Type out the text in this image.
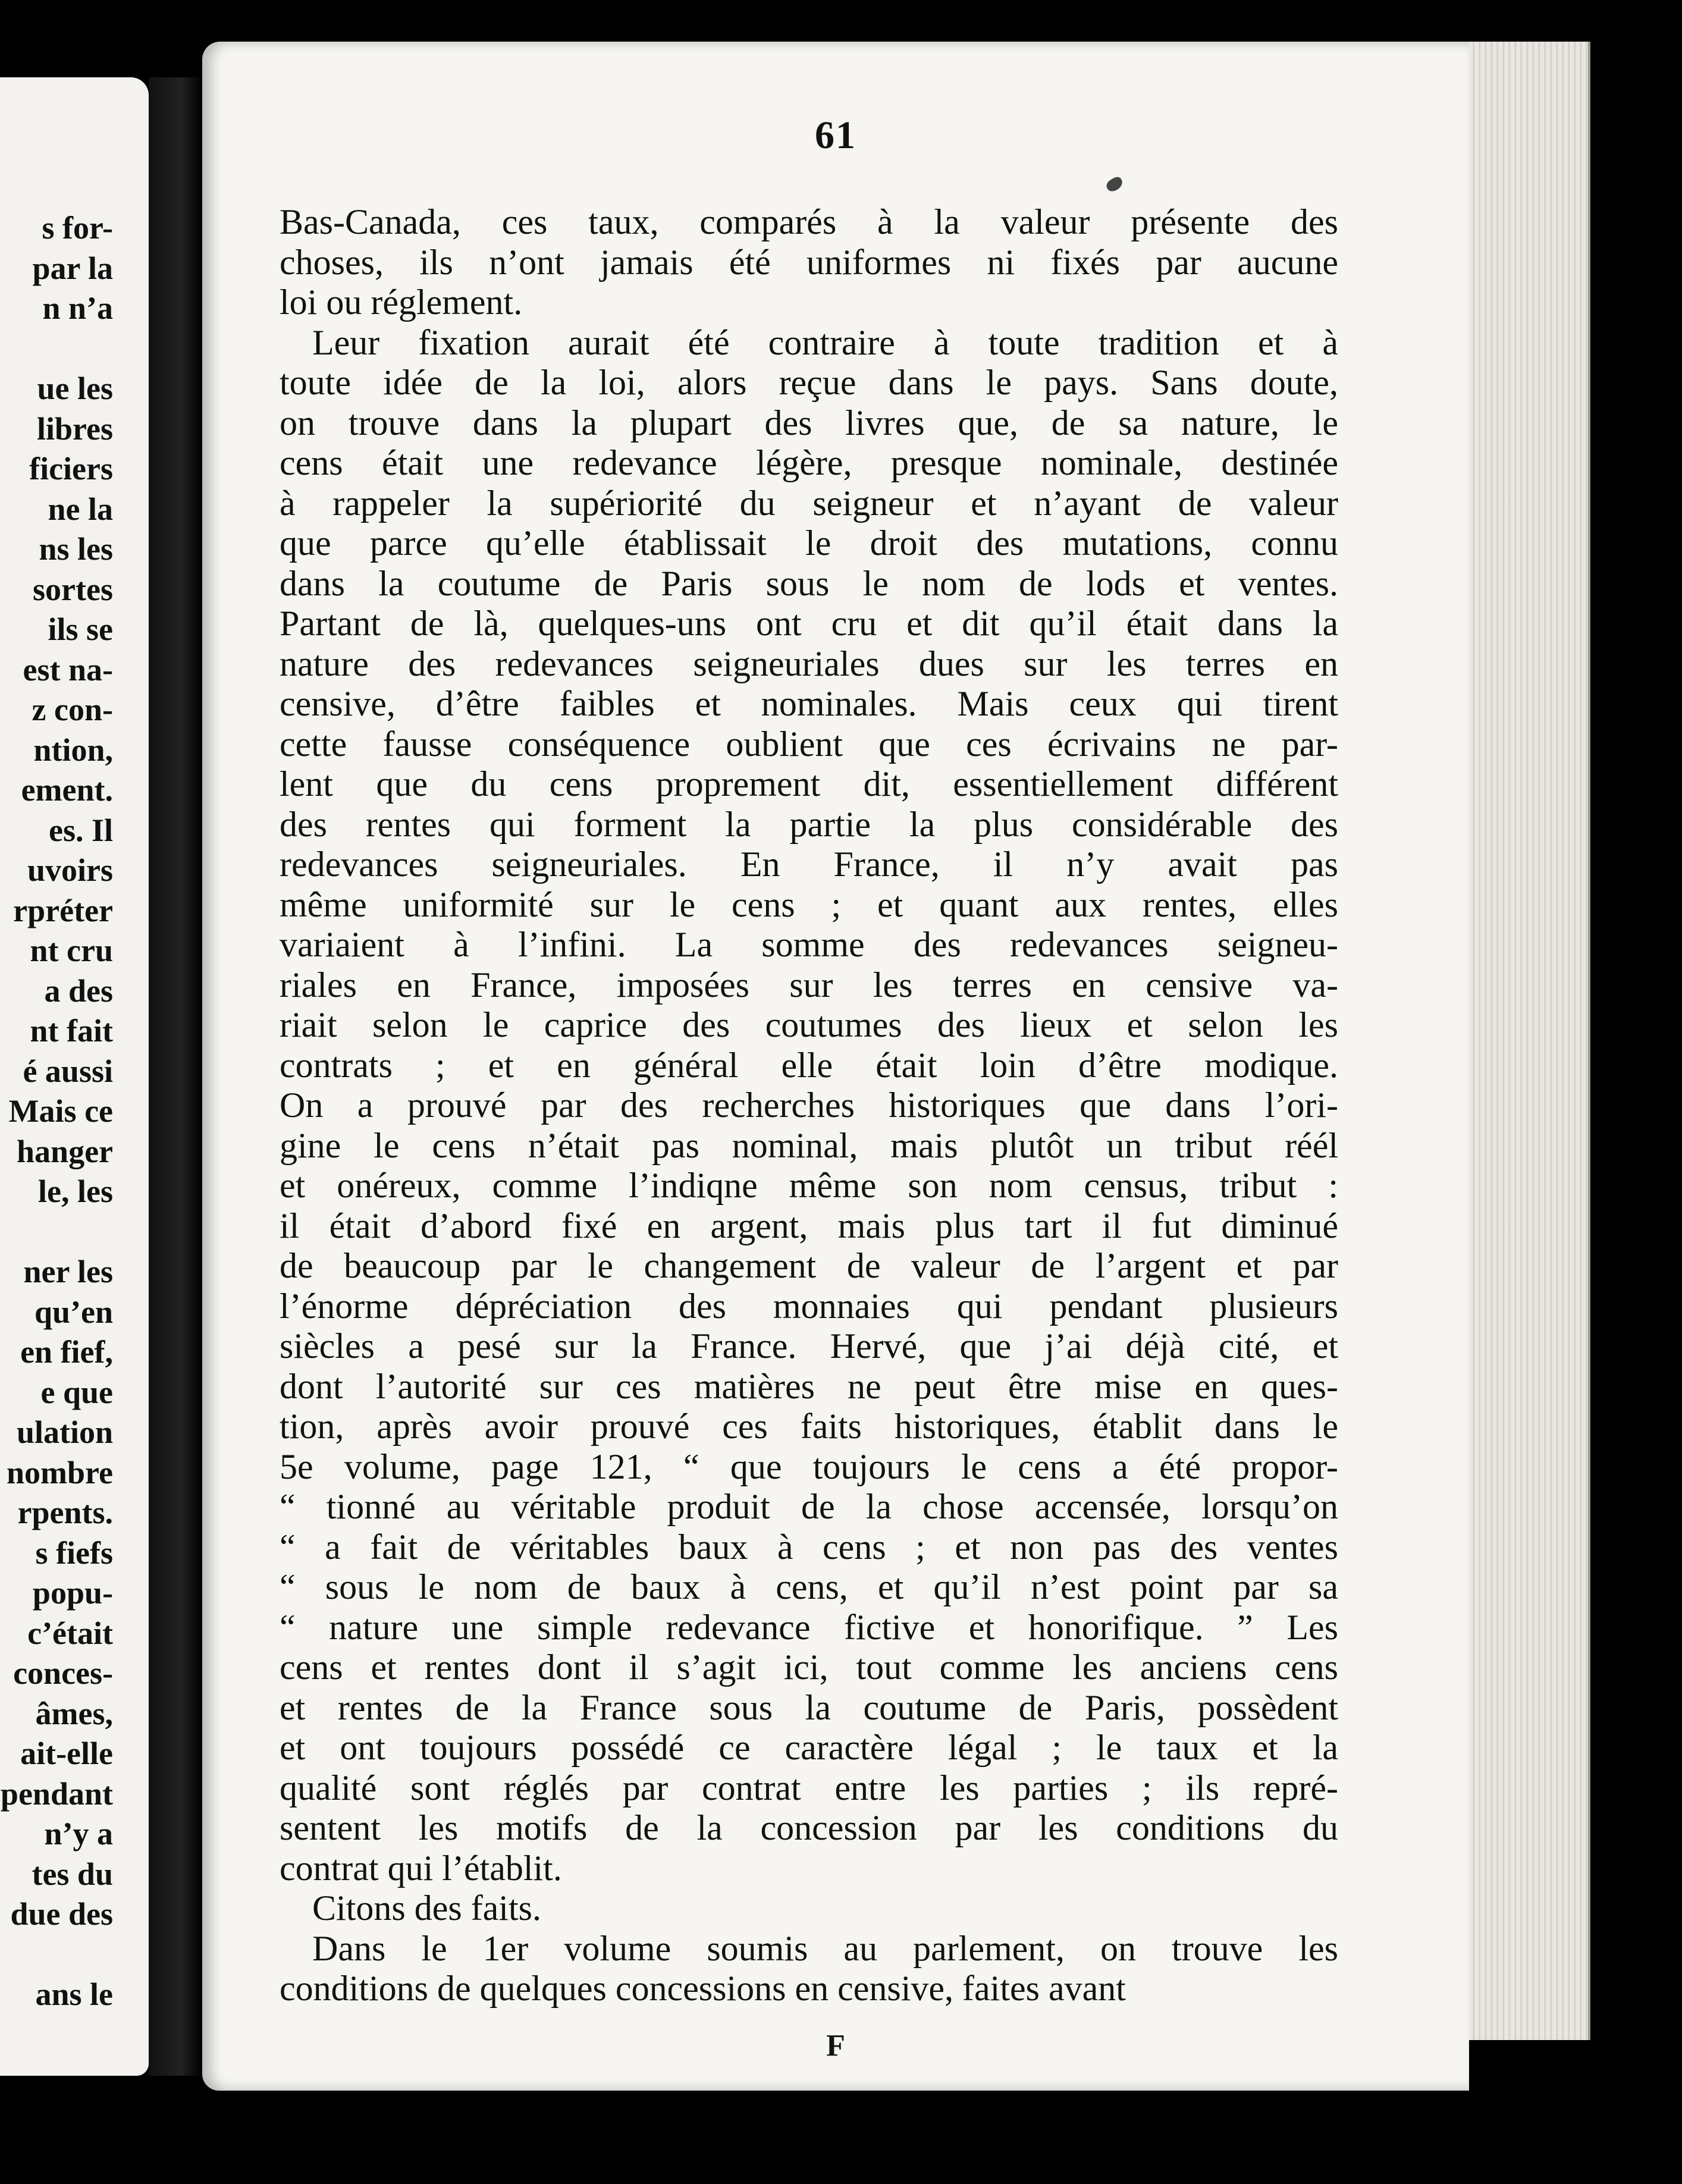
s for-
par la
n n’a

ue les
libres
ficiers
ne la
ns les
sortes
ils se
est na-
z con-
ntion,
ement.
es. Il
uvoirs
rpréter
nt cru
a des
nt fait
é aussi
Mais ce
hanger
le, les

ner les
qu’en
en fief,
e que
ulation
nombre
rpents.
s fiefs
popu-
c’était
conces-
âmes,
ait-elle
pendant
n’y a
tes du
due des

ans le
61

Bas-Canada, ces taux, comparés à la valeur présente des
choses, ils n’ont jamais été uniformes ni fixés par aucune
loi ou réglement.

Leur fixation aurait été contraire à toute tradition et à
toute idée de la loi, alors reçue dans le pays. Sans doute,
on trouve dans la plupart des livres que, de sa nature, le
cens était une redevance légère, presque nominale, destinée
à rappeler la supériorité du seigneur et n’ayant de valeur
que parce qu’elle établissait le droit des mutations, connu
dans la coutume de Paris sous le nom de lods et ventes.
Partant de là, quelques-uns ont cru et dit qu’il était dans la
nature des redevances seigneuriales dues sur les terres en
censive, d’être faibles et nominales. Mais ceux qui tirent
cette fausse conséquence oublient que ces écrivains ne par-
lent que du cens proprement dit, essentiellement différent
des rentes qui forment la partie la plus considérable des
redevances seigneuriales. En France, il n’y avait pas
même uniformité sur le cens ; et quant aux rentes, elles
variaient à l’infini. La somme des redevances seigneu-
riales en France, imposées sur les terres en censive va-
riait selon le caprice des coutumes des lieux et selon les
contrats ; et en général elle était loin d’être modique.
On a prouvé par des recherches historiques que dans l’ori-
gine le cens n’était pas nominal, mais plutôt un tribut réél
et onéreux, comme l’indiqne même son nom census, tribut :
il était d’abord fixé en argent, mais plus tart il fut diminué
de beaucoup par le changement de valeur de l’argent et par
l’énorme dépréciation des monnaies qui pendant plusieurs
siècles a pesé sur la France. Hervé, que j’ai déjà cité, et
dont l’autorité sur ces matières ne peut être mise en ques-
tion, après avoir prouvé ces faits historiques, établit dans le
5e volume, page 121, “ que toujours le cens a été propor-
“ tionné au véritable produit de la chose accensée, lorsqu’on
“ a fait de véritables baux à cens ; et non pas des ventes
“ sous le nom de baux à cens, et qu’il n’est point par sa
“ nature une simple redevance fictive et honorifique. ” Les
cens et rentes dont il s’agit ici, tout comme les anciens cens
et rentes de la France sous la coutume de Paris, possèdent
et ont toujours possédé ce caractère légal ; le taux et la
qualité sont réglés par contrat entre les parties ; ils repré-
sentent les motifs de la concession par les conditions du
contrat qui l’établit.

Citons des faits.

Dans le 1er volume soumis au parlement, on trouve les
conditions de quelques concessions en censive, faites avant

F
